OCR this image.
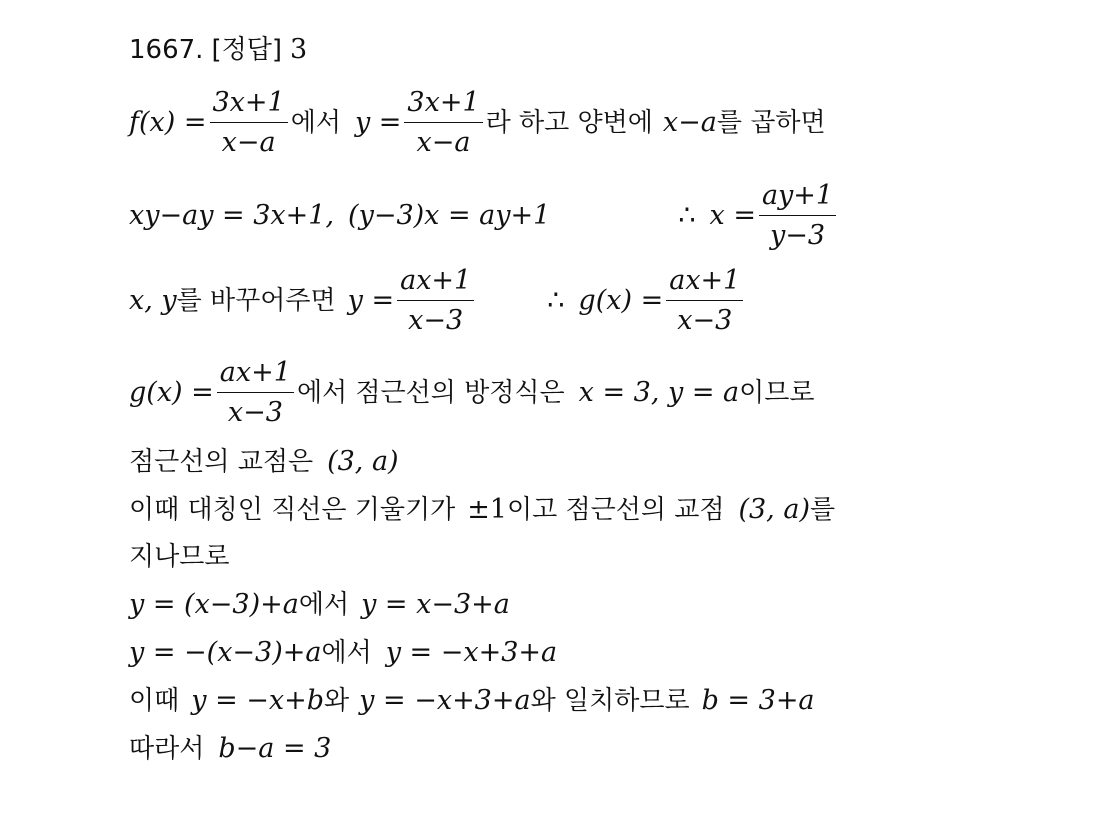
1667. [정답] 3
$f(x) = \frac{3x+1}{x-a}$ 에서 $y = \frac{3x+1}{x-a}$ 라 하고 양변에 x−a 를 곱하면
xy−ay = 3x+1, (y−3)x = ay+1	∴ $x = \frac{ay+1}{y-3}$
x, y 를 바꾸어주면 $y = \frac{ax+1}{x-3}$	∴ $g(x) = \frac{ax+1}{x-3}$
$g(x) = \frac{ax+1}{x-3}$ 에서 점근선의 방정식은 x = 3, y = a 이므로
점근선의 교점은 (3, a)
이때 대칭인 직선은 기울기가 ±1 이고 점근선의 교점 (3, a) 를
지나므로
y = (x−3)+a 에서 y = x−3+a
y = −(x−3)+a 에서 y = −x+3+a
이때 y = −x+b 와 y = −x+3+a 와 일치하므로 b = 3+a
따라서 b−a = 3
